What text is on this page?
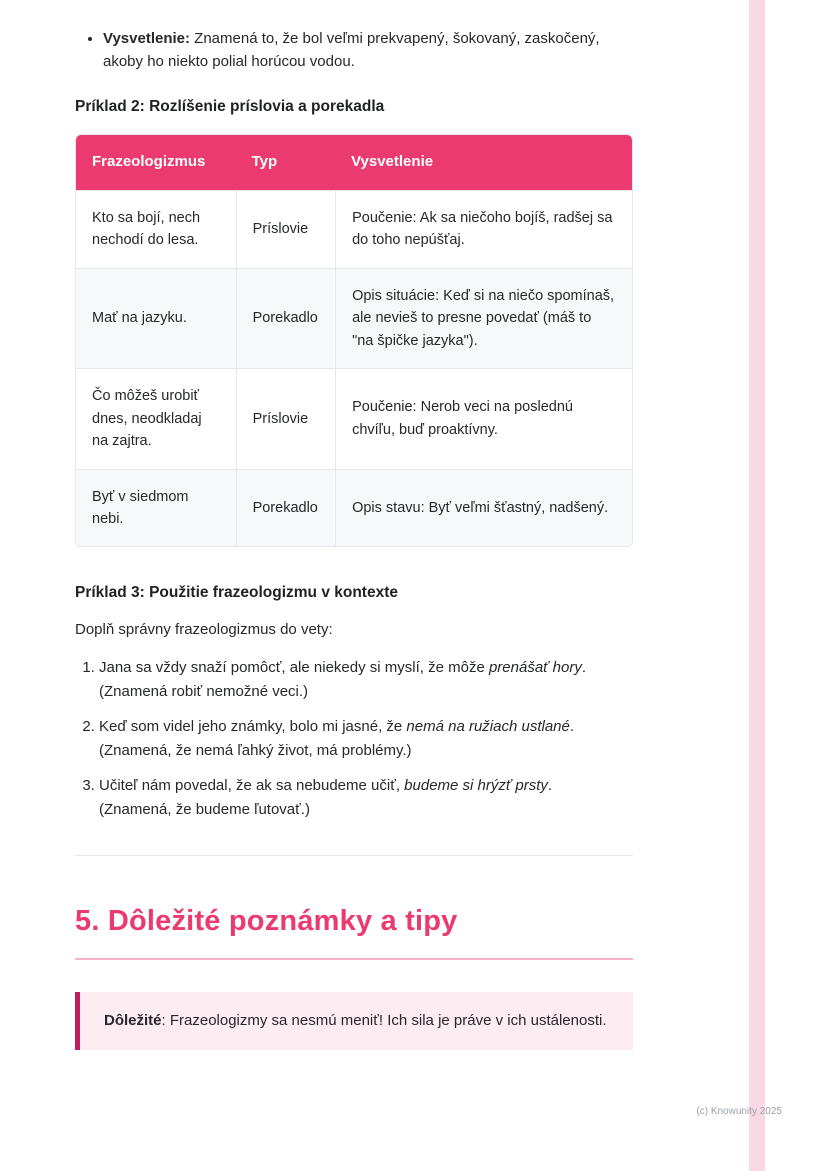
• Vysvetlenie: Znamená to, že bol veľmi prekvapený, šokovaný, zaskočený, akoby ho niekto polial horúcou vodou.
Príklad 2: Rozlíšenie príslovia a porekadla
Frazeologizmus	Typ	Vysvetlenie
Kto sa bojí, nech nechodí do lesa.	Príslovie	Poučenie: Ak sa niečoho bojíš, radšej sa do toho nepúšťaj.
Mať na jazyku.	Porekadlo	Opis situácie: Keď si na niečo spomínaš, ale nevieš to presne povedať (máš to "na špičke jazyka").
Čo môžeš urobiť dnes, neodkladaj na zajtra.	Príslovie	Poučenie: Nerob veci na poslednú chvíľu, buď proaktívny.
Byť v siedmom nebi.	Porekadlo	Opis stavu: Byť veľmi šťastný, nadšený.
Príklad 3: Použitie frazeologizmu v kontexte

Doplň správny frazeologizmus do vety:

1. Jana sa vždy snaží pomôcť, ale niekedy si myslí, že môže prenášať hory.
(Znamená robiť nemožné veci.)
2. Keď som videl jeho známky, bolo mi jasné, že nemá na ružiach ustlané.
(Znamená, že nemá ľahký život, má problémy.)
3. Učiteľ nám povedal, že ak sa nebudeme učiť, budeme si hrýzť prsty.
(Znamená, že budeme ľutovať.)
5. Dôležité poznámky a tipy
Dôležité: Frazeologizmy sa nesmú meniť! Ich sila je práve v ich ustálenosti.
(c) Knowunity 2025
